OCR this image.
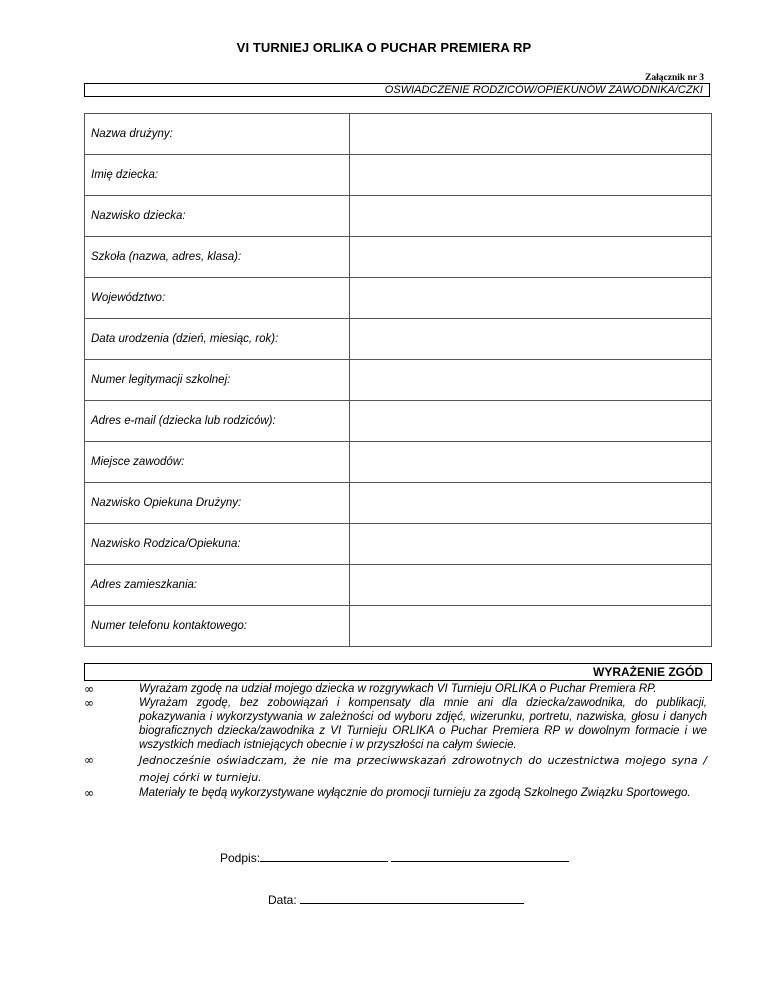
VI TURNIEJ ORLIKA O PUCHAR PREMIERA RP
Załącznik nr 3
OŚWIADCZENIE RODZICÓW/OPIEKUNÓW ZAWODNIKA/CZKI
Nazwa drużyny:	
Imię dziecka:	
Nazwisko dziecka:	
Szkoła (nazwa, adres, klasa):	
Województwo:	
Data urodzenia (dzień, miesiąc, rok):	
Numer legitymacji szkolnej:	
Adres e-mail (dziecka lub rodziców):	
Miejsce zawodów:	
Nazwisko Opiekuna Drużyny:	
Nazwisko Rodzica/Opiekuna:	
Adres zamieszkania:	
Numer telefonu kontaktowego:	
WYRAŻENIE ZGÓD
∞	Wyrażam zgodę na udział mojego dziecka w rozgrywkach VI Turnieju ORLIKA o Puchar Premiera RP.
∞	Wyrażam zgodę, bez zobowiązań i kompensaty dla mnie ani dla dziecka/zawodnika, do publikacji, pokazywania i wykorzystywania w zależności od wyboru zdjęć, wizerunku, portretu, nazwiska, głosu i danych biograficznych dziecka/zawodnika z VI Turnieju ORLIKA o Puchar Premiera RP w dowolnym formacie i we wszystkich mediach istniejących obecnie i w przyszłości na całym świecie.
∞	Jednocześnie oświadczam, że nie ma przeciwwskazań zdrowotnych do uczestnictwa mojego syna / mojej córki w turnieju.
∞	Materiały te będą wykorzystywane wyłącznie do promocji turnieju za zgodą Szkolnego Związku Sportowego.
Podpis:
Data:
